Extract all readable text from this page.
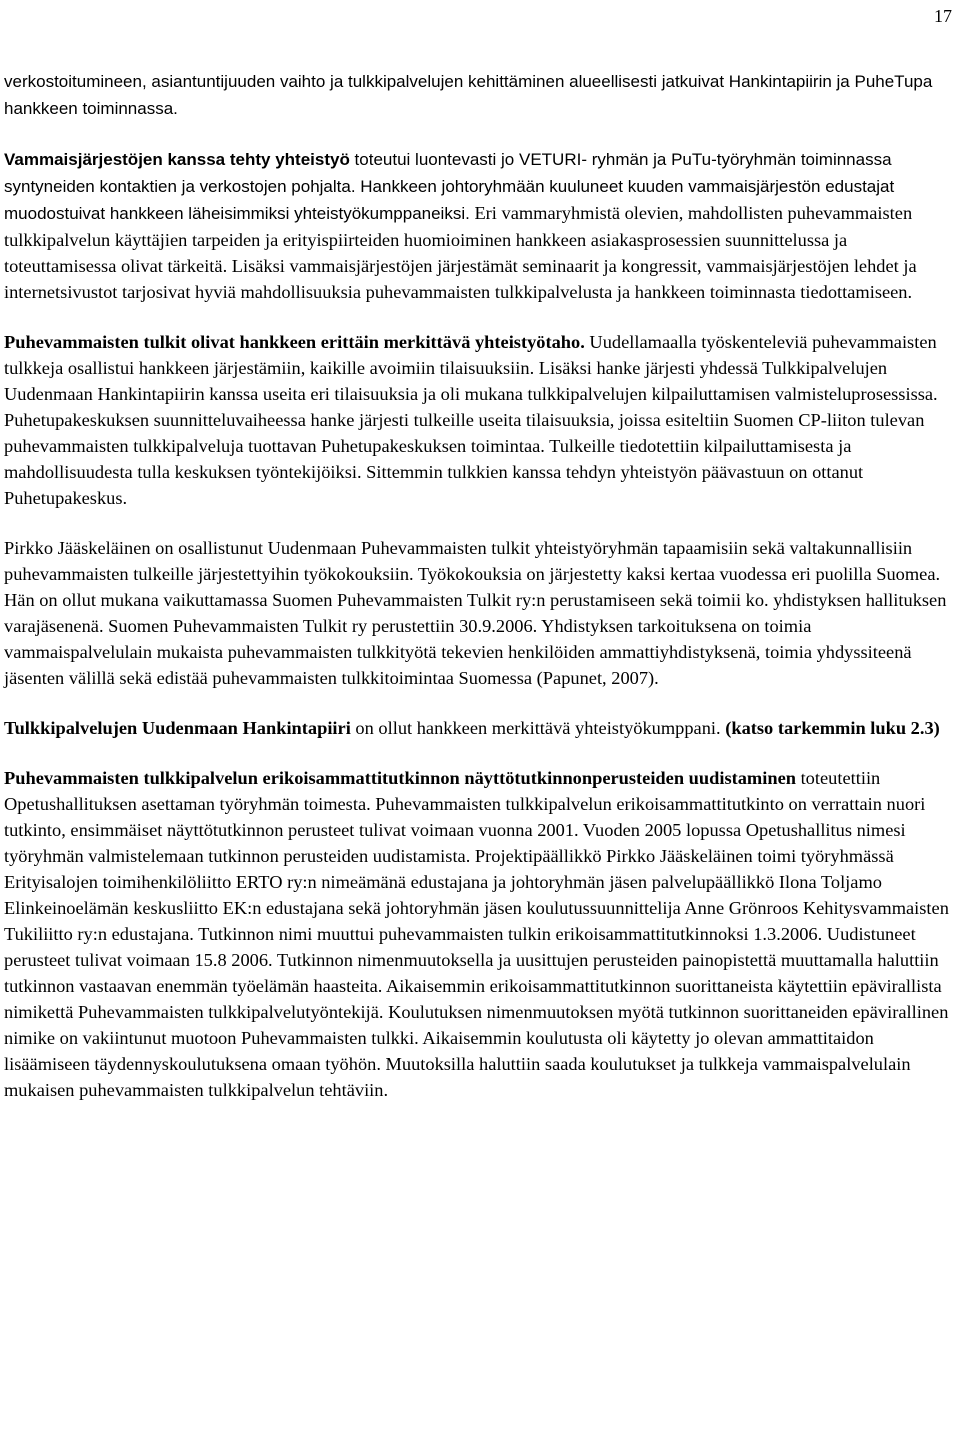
17

verkostoitumineen, asiantuntijuuden vaihto ja tulkkipalvelujen kehittäminen alueellisesti jatkuivat Hankintapiirin ja PuheTupa hankkeen toiminnassa.

Vammaisjärjestöjen kanssa tehty yhteistyö toteutui luontevasti jo VETURI- ryhmän ja PuTu-työryhmän toiminnassa syntyneiden kontaktien ja verkostojen pohjalta. Hankkeen johtoryhmään kuuluneet kuuden vammaisjärjestön edustajat muodostuivat hankkeen läheisimmiksi yhteistyökumppaneiksi. Eri vammaryhmistä olevien, mahdollisten puhevammaisten tulkkipalvelun käyttäjien tarpeiden ja erityispiirteiden huomioiminen hankkeen asiakasprosessien suunnittelussa ja toteuttamisessa olivat tärkeitä. Lisäksi vammaisjärjestöjen järjestämät seminaarit ja kongressit, vammaisjärjestöjen lehdet ja internetsivustot tarjosivat hyviä mahdollisuuksia puhevammaisten tulkkipalvelusta ja hankkeen toiminnasta tiedottamiseen.

Puhevammaisten tulkit olivat hankkeen erittäin merkittävä yhteistyötaho. Uudellamaalla työskenteleviä puhevammaisten tulkkeja osallistui hankkeen järjestämiin, kaikille avoimiin tilaisuuksiin. Lisäksi hanke järjesti yhdessä Tulkkipalvelujen Uudenmaan Hankintapiirin kanssa useita eri tilaisuuksia ja oli mukana tulkkipalvelujen kilpailuttamisen valmisteluprosessissa. Puhetupakeskuksen suunnitteluvaiheessa hanke järjesti tulkeille useita tilaisuuksia, joissa esiteltiin Suomen CP-liiton tulevan puhevammaisten tulkkipalveluja tuottavan Puhetupakeskuksen toimintaa. Tulkeille tiedotettiin kilpailuttamisesta ja mahdollisuudesta tulla keskuksen työntekijöiksi. Sittemmin tulkkien kanssa tehdyn yhteistyön päävastuun on ottanut Puhetupakeskus.

Pirkko Jääskeläinen on osallistunut Uudenmaan Puhevammaisten tulkit yhteistyöryhmän tapaamisiin sekä valtakunnallisiin puhevammaisten tulkeille järjestettyihin työkokouksiin. Työkokouksia on järjestetty kaksi kertaa vuodessa eri puolilla Suomea. Hän on ollut mukana vaikuttamassa Suomen Puhevammaisten Tulkit ry:n perustamiseen sekä toimii ko. yhdistyksen hallituksen varajäsenenä. Suomen Puhevammaisten Tulkit ry perustettiin 30.9.2006. Yhdistyksen tarkoituksena on toimia vammaispalvelulain mukaista puhevammaisten tulkkityötä tekevien henkilöiden ammattiyhdistyksenä, toimia yhdyssiteenä jäsenten välillä sekä edistää puhevammaisten tulkkitoimintaa Suomessa (Papunet, 2007).

Tulkkipalvelujen Uudenmaan Hankintapiiri on ollut hankkeen merkittävä yhteistyökumppani. (katso tarkemmin luku 2.3)

Puhevammaisten tulkkipalvelun erikoisammattitutkinnon näyttötutkinnonperusteiden uudistaminen toteutettiin Opetushallituksen asettaman työryhmän toimesta. Puhevammaisten tulkkipalvelun erikoisammattitutkinto on verrattain nuori tutkinto, ensimmäiset näyttötutkinnon perusteet tulivat voimaan vuonna 2001. Vuoden 2005 lopussa Opetushallitus nimesi työryhmän valmistelemaan tutkinnon perusteiden uudistamista. Projektipäällikkö Pirkko Jääskeläinen toimi työryhmässä Erityisalojen toimihenkilöliitto ERTO ry:n nimeämänä edustajana ja johtoryhmän jäsen palvelupäällikkö Ilona Toljamo Elinkeinoelämän keskusliitto EK:n edustajana sekä johtoryhmän jäsen koulutussuunnittelija Anne Grönroos Kehitysvammaisten Tukiliitto ry:n edustajana. Tutkinnon nimi muuttui puhevammaisten tulkin erikoisammattitutkinnoksi 1.3.2006. Uudistuneet perusteet tulivat voimaan 15.8 2006. Tutkinnon nimenmuutoksella ja uusittujen perusteiden painopistettä muuttamalla haluttiin tutkinnon vastaavan enemmän työelämän haasteita. Aikaisemmin erikoisammattitutkinnon suorittaneista käytettiin epävirallista nimikettä Puhevammaisten tulkkipalvelutyöntekijä. Koulutuksen nimenmuutoksen myötä tutkinnon suorittaneiden epävirallinen nimike on vakiintunut muotoon Puhevammaisten tulkki. Aikaisemmin koulutusta oli käytetty jo olevan ammattitaidon lisäämiseen täydennyskoulutuksena omaan työhön. Muutoksilla haluttiin saada koulutukset ja tulkkeja vammaispalvelulain mukaisen puhevammaisten tulkkipalvelun tehtäviin.
